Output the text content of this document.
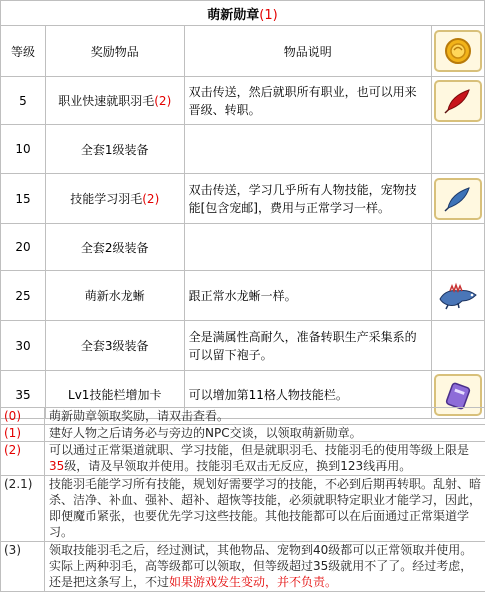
萌新勋章(1)			
等级	奖励物品	物品说明	

5	职业快速就职羽毛(2)	双击传送，然后就职所有职业，也可以用来晋级、转职。	

10	全套1级装备		
15	技能学习羽毛(2)	双击传送，学习几乎所有人物技能，宠物技能[包含宠邮]，费用与正常学习一样。	

20	全套2级装备		
25	萌新水龙蜥	跟正常水龙蜥一样。	

30	全套3级装备	全是满属性高耐久，准备转职生产采集系的可以留下袍子。	
35	Lv1技能栏增加卡	可以增加第11格人物技能栏。	
(0)	萌新勋章领取奖励，请双击查看。
(1)	建好人物之后请务必与旁边的NPC交谈，以领取萌新勋章。
(2)	可以通过正常渠道就职、学习技能，但是就职羽毛、技能羽毛的使用等级上限是35级，请及早领取并使用。技能羽毛双击无反应，换到123线再用。
(2.1)	技能羽毛能学习所有技能，规划好需要学习的技能，不必到后期再转职。乱射、暗杀、洁净、补血、强补、超补、超恢等技能，必须就职特定职业才能学习，因此，即便魔币紧张，也要优先学习这些技能。其他技能都可以在后面通过正常渠道学习。
(3)	领取技能羽毛之后，经过测试，其他物品、宠物到40级都可以正常领取并使用。实际上两种羽毛，高等级都可以领取，但等级超过35级就用不了了。经过考虑，还是把这条写上，不过如果游戏发生变动，并不负责。
